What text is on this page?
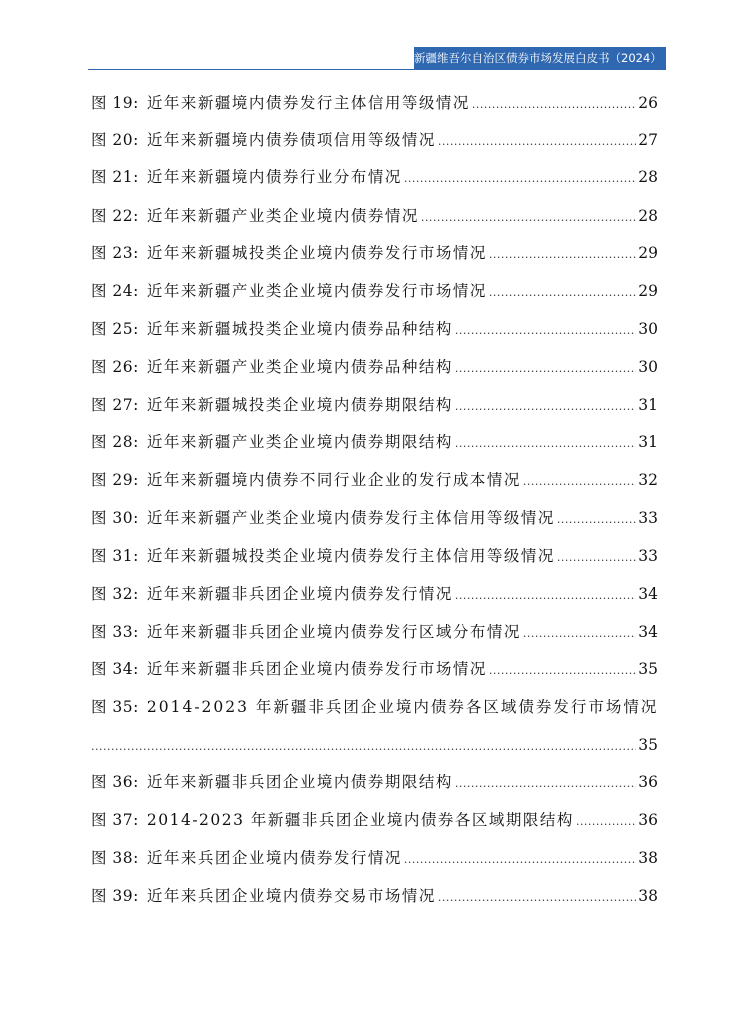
新疆维吾尔自治区债券市场发展白皮书（2024）
图 19: 近年来新疆境内债券发行主体信用等级情况 .....	26
图 20: 近年来新疆境内债券债项信用等级情况 .....	27
图 21: 近年来新疆境内债券行业分布情况 .....	28
图 22: 近年来新疆产业类企业境内债券情况 .....	28
图 23: 近年来新疆城投类企业境内债券发行市场情况 .....	29
图 24: 近年来新疆产业类企业境内债券发行市场情况 .....	29
图 25: 近年来新疆城投类企业境内债券品种结构 .....	30
图 26: 近年来新疆产业类企业境内债券品种结构 .....	30
图 27: 近年来新疆城投类企业境内债券期限结构 .....	31
图 28: 近年来新疆产业类企业境内债券期限结构 .....	31
图 29: 近年来新疆境内债券不同行业企业的发行成本情况 .....	32
图 30: 近年来新疆产业类企业境内债券发行主体信用等级情况 .....	33
图 31: 近年来新疆城投类企业境内债券发行主体信用等级情况 .....	33
图 32: 近年来新疆非兵团企业境内债券发行情况 .....	34
图 33: 近年来新疆非兵团企业境内债券发行区域分布情况 .....	34
图 34: 近年来新疆非兵团企业境内债券发行市场情况 .....	35
图 35: 2014-2023 年新疆非兵团企业境内债券各区域债券发行市场情况
.....
35
图 36: 近年来新疆非兵团企业境内债券期限结构 .....	36
图 37: 2014-2023 年新疆非兵团企业境内债券各区域期限结构 .....	36
图 38: 近年来兵团企业境内债券发行情况 .....	38
图 39: 近年来兵团企业境内债券交易市场情况 .....	38
